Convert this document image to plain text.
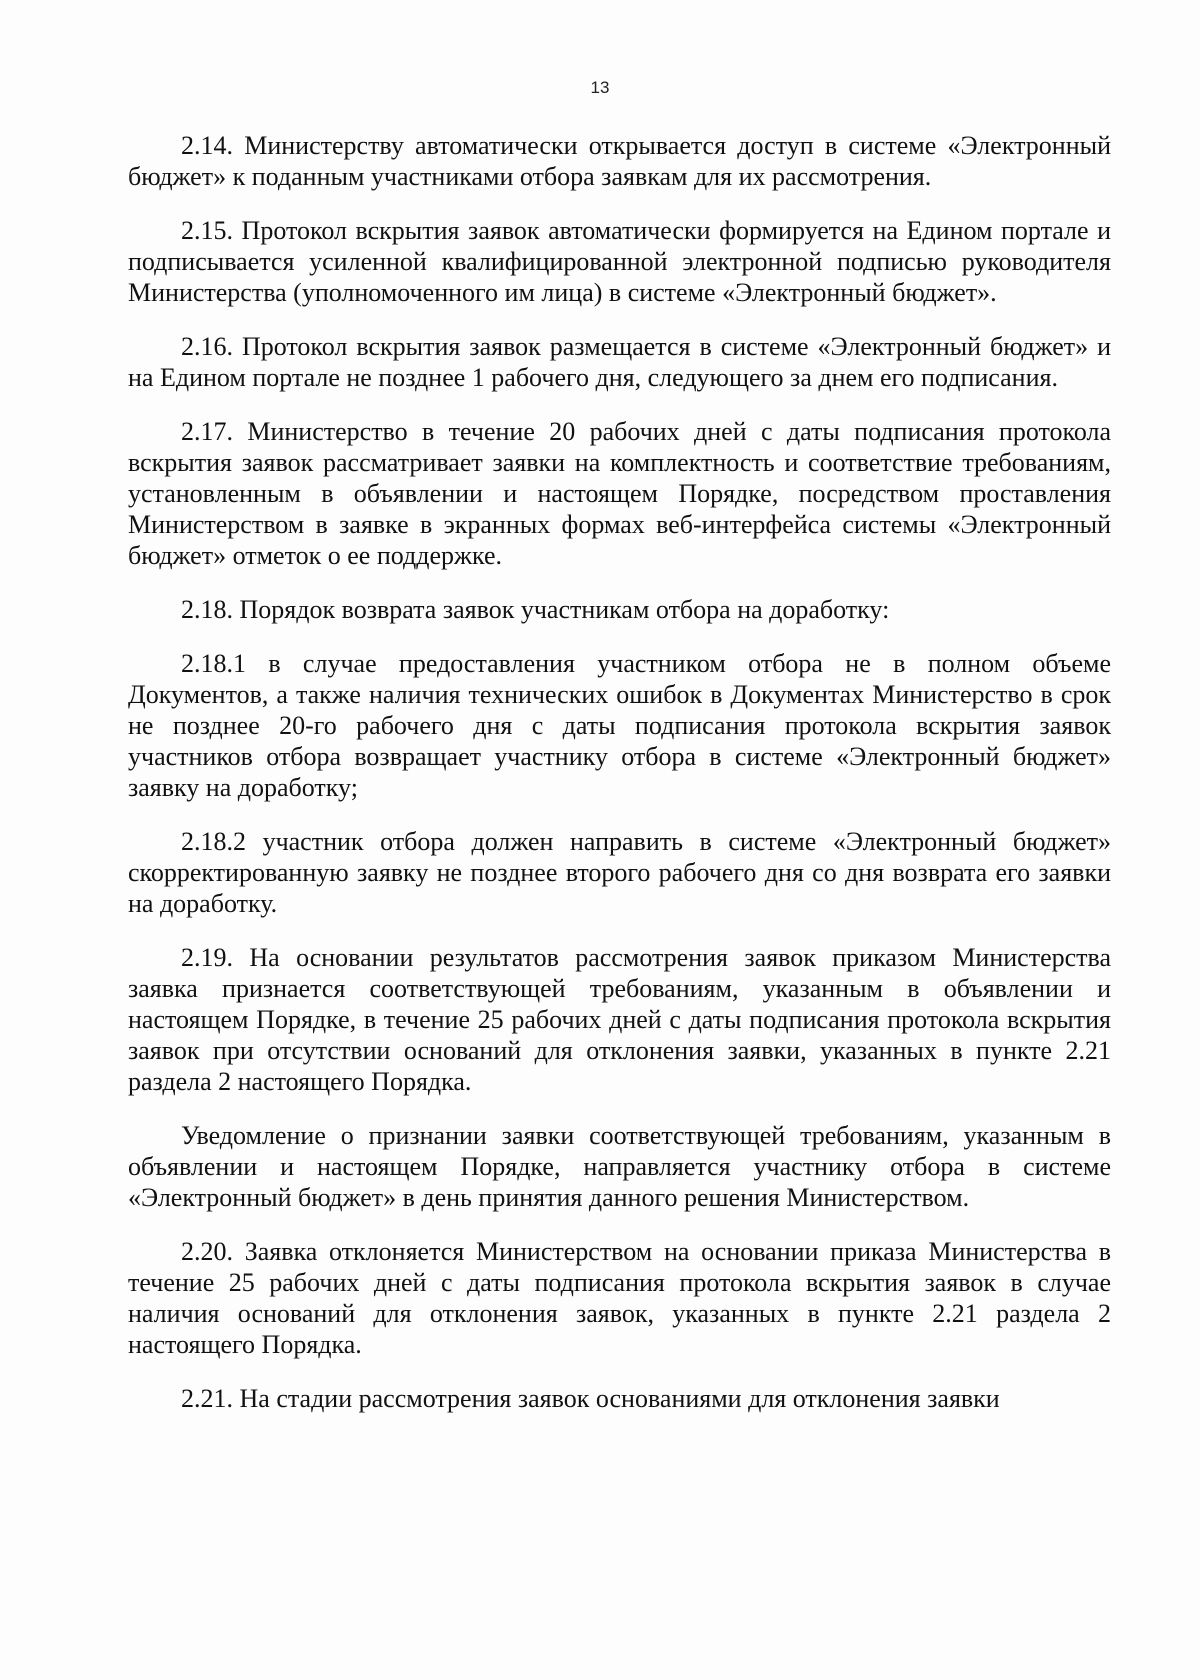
13

2.14. Министерству автоматически открывается доступ в системе «Электронный бюджет» к поданным участниками отбора заявкам для их рассмотрения.

2.15. Протокол вскрытия заявок автоматически формируется на Едином портале и подписывается усиленной квалифицированной электронной подписью руководителя Министерства (уполномоченного им лица) в системе «Электронный бюджет».

2.16. Протокол вскрытия заявок размещается в системе «Электронный бюджет» и на Едином портале не позднее 1 рабочего дня, следующего за днем его подписания.

2.17. Министерство в течение 20 рабочих дней с даты подписания протокола вскрытия заявок рассматривает заявки на комплектность и соответствие требованиям, установленным в объявлении и настоящем Порядке, посредством проставления Министерством в заявке в экранных формах веб-интерфейса системы «Электронный бюджет» отметок о ее поддержке.

2.18. Порядок возврата заявок участникам отбора на доработку:

2.18.1 в случае предоставления участником отбора не в полном объеме Документов, а также наличия технических ошибок в Документах Министерство в срок не позднее 20-го рабочего дня с даты подписания протокола вскрытия заявок участников отбора возвращает участнику отбора в системе «Электронный бюджет» заявку на доработку;

2.18.2 участник отбора должен направить в системе «Электронный бюджет» скорректированную заявку не позднее второго рабочего дня со дня возврата его заявки на доработку.

2.19. На основании результатов рассмотрения заявок приказом Министерства заявка признается соответствующей требованиям, указанным в объявлении и настоящем Порядке, в течение 25 рабочих дней с даты подписания протокола вскрытия заявок при отсутствии оснований для отклонения заявки, указанных в пункте 2.21 раздела 2 настоящего Порядка.

Уведомление о признании заявки соответствующей требованиям, указанным в объявлении и настоящем Порядке, направляется участнику отбора в системе «Электронный бюджет» в день принятия данного решения Министерством.

2.20. Заявка отклоняется Министерством на основании приказа Министерства в течение 25 рабочих дней с даты подписания протокола вскрытия заявок в случае наличия оснований для отклонения заявок, указанных в пункте 2.21 раздела 2 настоящего Порядка.

2.21. На стадии рассмотрения заявок основаниями для отклонения заявки
